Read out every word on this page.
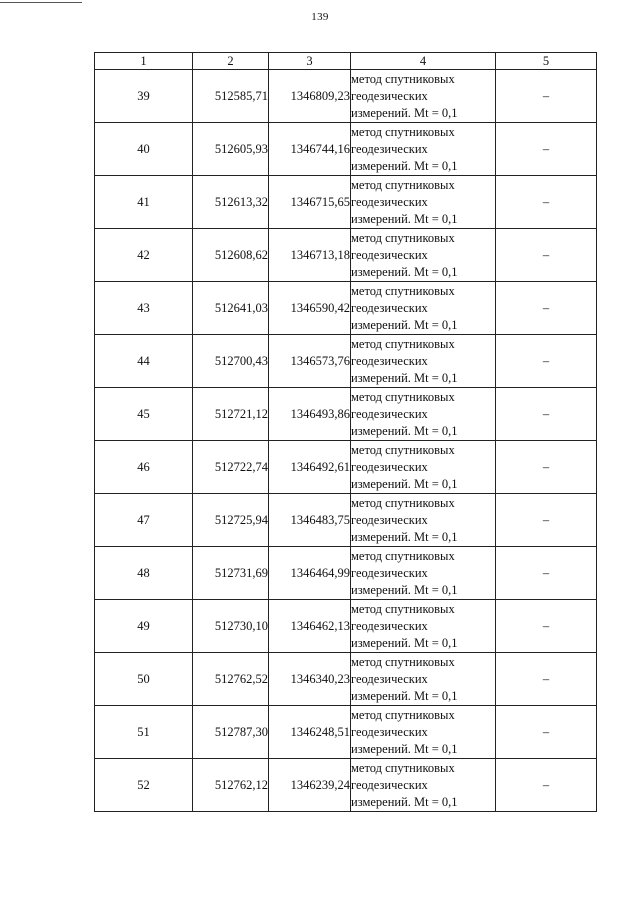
139
1	2	3	4	5
39	512585,71	1346809,23	метод спутниковых
геодезических
измерений. Mt = 0,1	–
40	512605,93	1346744,16	метод спутниковых
геодезических
измерений. Mt = 0,1	–
41	512613,32	1346715,65	метод спутниковых
геодезических
измерений. Mt = 0,1	–
42	512608,62	1346713,18	метод спутниковых
геодезических
измерений. Mt = 0,1	–
43	512641,03	1346590,42	метод спутниковых
геодезических
измерений. Mt = 0,1	–
44	512700,43	1346573,76	метод спутниковых
геодезических
измерений. Mt = 0,1	–
45	512721,12	1346493,86	метод спутниковых
геодезических
измерений. Mt = 0,1	–
46	512722,74	1346492,61	метод спутниковых
геодезических
измерений. Mt = 0,1	–
47	512725,94	1346483,75	метод спутниковых
геодезических
измерений. Mt = 0,1	–
48	512731,69	1346464,99	метод спутниковых
геодезических
измерений. Mt = 0,1	–
49	512730,10	1346462,13	метод спутниковых
геодезических
измерений. Mt = 0,1	–
50	512762,52	1346340,23	метод спутниковых
геодезических
измерений. Mt = 0,1	–
51	512787,30	1346248,51	метод спутниковых
геодезических
измерений. Mt = 0,1	–
52	512762,12	1346239,24	метод спутниковых
геодезических
измерений. Mt = 0,1	–
